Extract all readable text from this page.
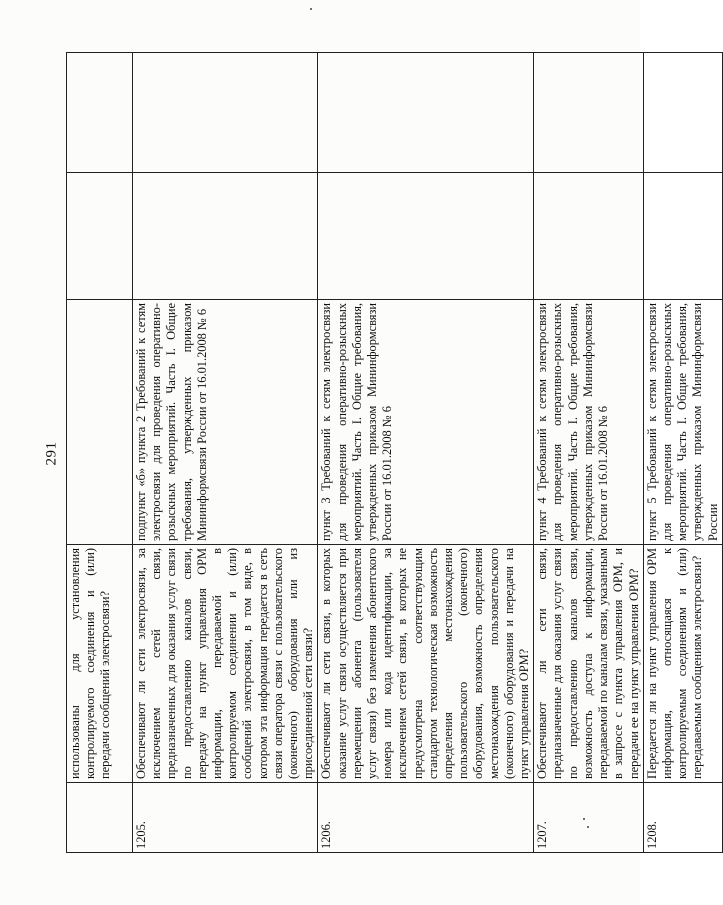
291
	использованы для установления контролируемого соединения и (или) передачи сообщений электросвязи?			
1205.	Обеспечивают ли сети электросвязи, за исключением сетей связи, предназначенных для оказания услуг связи по предоставлению каналов связи, передачу на пункт управления ОРМ информации, передаваемой в контролируемом соединении и (или) сообщений электросвязи, в том виде, в котором эта информация передается в сеть связи оператора связи с пользовательского (оконечного) оборудования или из присоединенной сети связи?	подпункт «б» пункта 2 Требований к сетям электросвязи для проведения оперативно-розыскных мероприятий. Часть I. Общие требования, утвержденных приказом Мининформсвязи России от 16.01.2008 № 6		
1206.	Обеспечивают ли сети связи, в которых оказание услуг связи осуществляется при перемещении абонента (пользователя услуг связи) без изменения абонентского номера или кода идентификации, за исключением сетей связи, в которых не предусмотрена соответствующим стандартом технологическая возможность определения местонахождения пользовательского (оконечного) оборудования, возможность определения местонахождения пользовательского (оконечного) оборудования и передачи на пункт управления ОРМ?	пункт 3 Требований к сетям электросвязи для проведения оперативно-розыскных мероприятий. Часть I. Общие требования, утвержденных приказом Мининформсвязи России от 16.01.2008 № 6		
1207.	Обеспечивают ли сети связи, предназначенные для оказания услуг связи по предоставлению каналов связи, возможность доступа к информации, передаваемой по каналам связи, указанным в запросе с пункта управления ОРМ, и передачи ее на пункт управления ОРМ?	пункт 4 Требований к сетям электросвязи для проведения оперативно-розыскных мероприятий. Часть I. Общие требования, утвержденных приказом Мининформсвязи России от 16.01.2008 № 6		
1208.	Передается ли на пункт управления ОРМ информация, относящаяся к контролируемым соединениям и (или) передаваемым сообщениям электросвязи?	пункт 5 Требований к сетям электросвязи для проведения оперативно-розыскных мероприятий. Часть I. Общие требования, утвержденных приказом Мининформсвязи России		
